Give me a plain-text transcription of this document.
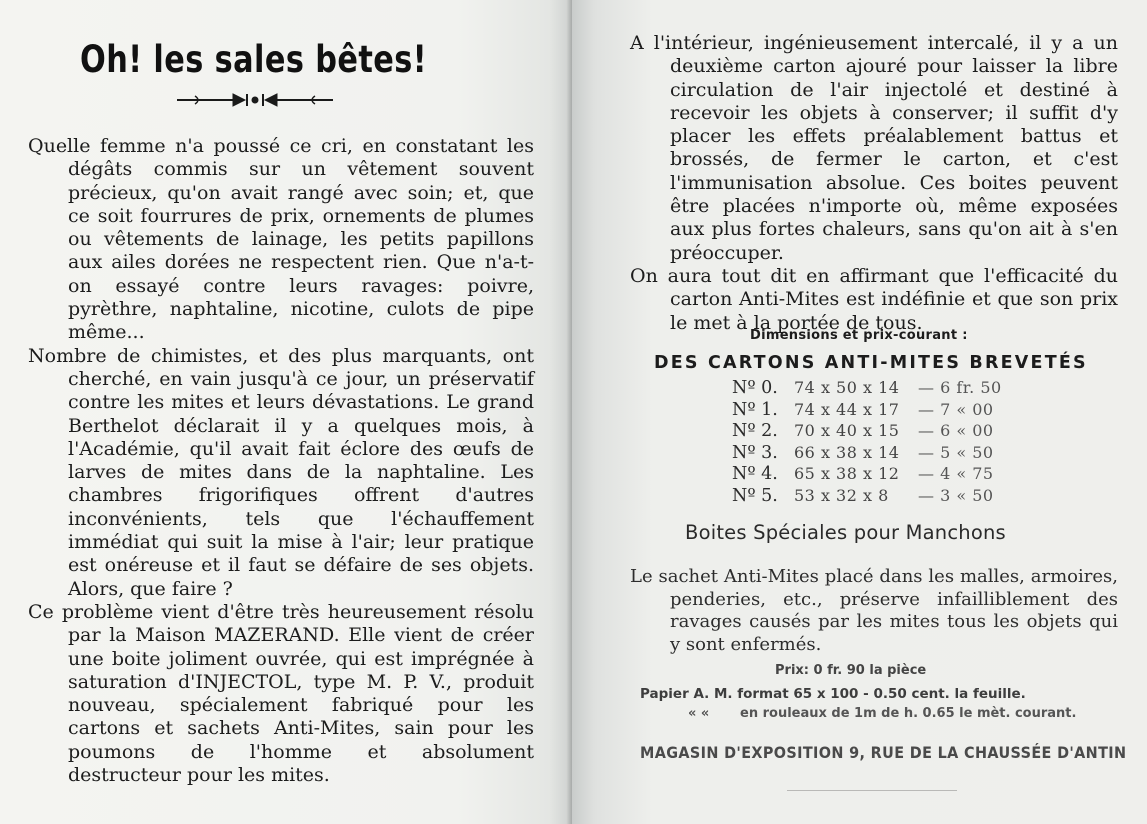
Oh! les sales bêtes!

Quelle femme n'a poussé ce cri, en constatant les dégâts commis sur un vêtement souvent précieux, qu'on avait rangé avec soin; et, que ce soit fourrures de prix, ornements de plumes ou vêtements de lainage, les petits papillons aux ailes dorées ne respectent rien. Que n'a-t-on essayé contre leurs ravages: poivre, pyrèthre, naphtaline, nicotine, culots de pipe même...

Nombre de chimistes, et des plus marquants, ont cherché, en vain jusqu'à ce jour, un préservatif contre les mites et leurs dévastations. Le grand Berthelot déclarait il y a quelques mois, à l'Académie, qu'il avait fait éclore des œufs de larves de mites dans de la naphtaline. Les chambres frigorifiques offrent d'autres inconvénients, tels que l'échauffement immédiat qui suit la mise à l'air; leur pratique est onéreuse et il faut se défaire de ses objets. Alors, que faire ?

Ce problème vient d'être très heureusement résolu par la Maison MAZERAND. Elle vient de créer une boite joliment ouvrée, qui est imprégnée à saturation d'INJECTOL, type M. P. V., produit nouveau, spécialement fabriqué pour les cartons et sachets Anti-Mites, sain pour les poumons de l'homme et absolument destructeur pour les mites.

A l'intérieur, ingénieusement intercalé, il y a un deuxième carton ajouré pour laisser la libre circulation de l'air injectolé et destiné à recevoir les objets à conserver; il suffit d'y placer les effets préalablement battus et brossés, de fermer le carton, et c'est l'immunisation absolue. Ces boites peuvent être placées n'importe où, même exposées aux plus fortes chaleurs, sans qu'on ait à s'en préoccuper.

On aura tout dit en affirmant que l'efficacité du carton Anti-Mites est indéfinie et que son prix le met à la portée de tous.

Dimensions et prix-courant :

DES CARTONS ANTI-MITES BREVETÉS

Nº 0. 74 x 50 x 14 — 6 fr. 50
Nº 1. 74 x 44 x 17 — 7 « 00
Nº 2. 70 x 40 x 15 — 6 « 00
Nº 3. 66 x 38 x 14 — 5 « 50
Nº 4. 65 x 38 x 12 — 4 « 75
Nº 5. 53 x 32 x 8 — 3 « 50

Boites Spéciales pour Manchons

Le sachet Anti-Mites placé dans les malles, armoires, penderies, etc., préserve infailliblement des ravages causés par les mites tous les objets qui y sont enfermés.

Prix: 0 fr. 90 la pièce

Papier A. M. format 65 x 100 - 0.50 cent. la feuille.

« « en rouleaux de 1m de h. 0.65 le mèt. courant.

MAGASIN D'EXPOSITION 9, RUE DE LA CHAUSSÉE D'ANTIN
